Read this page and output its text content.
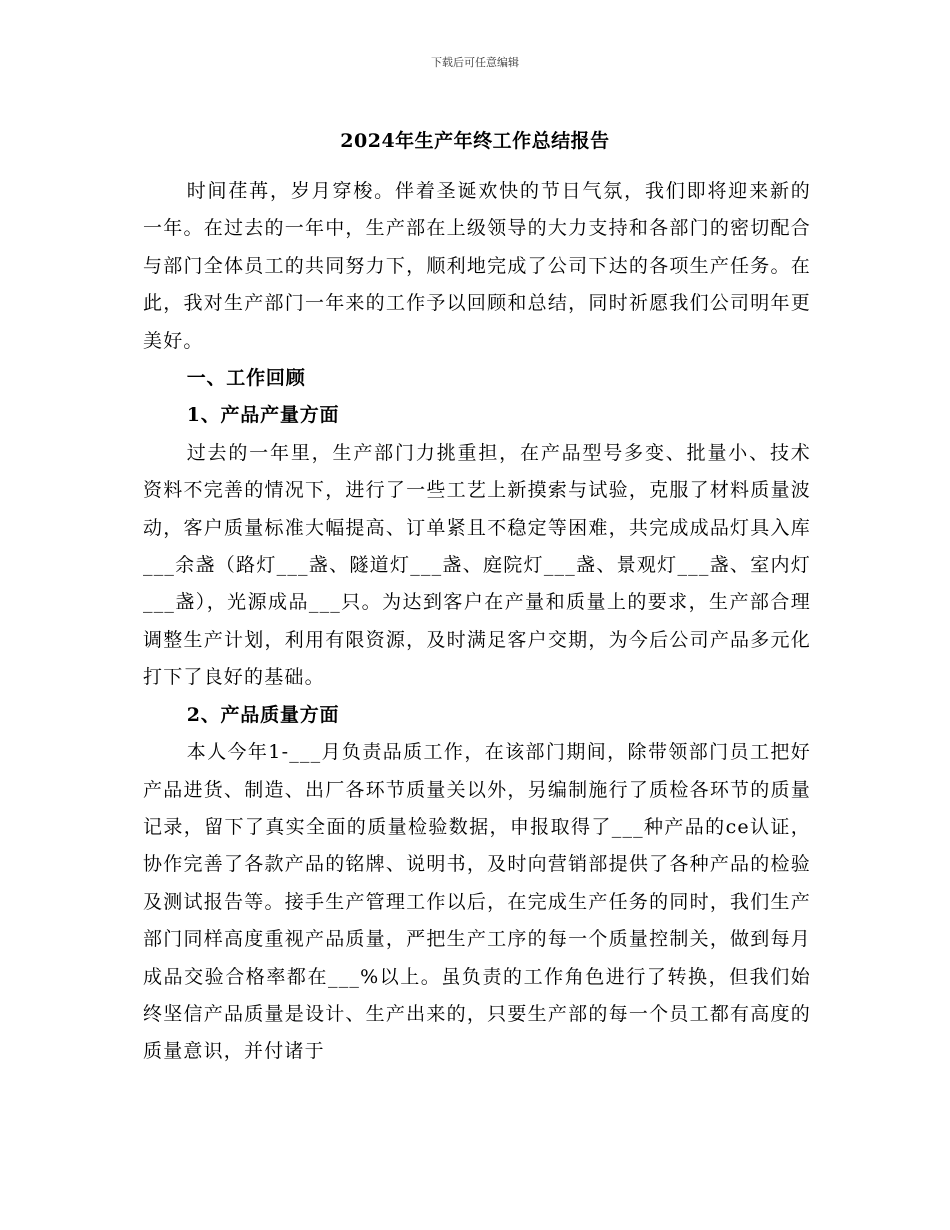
下载后可任意编辑
2024年生产年终工作总结报告

时间荏苒，岁月穿梭。伴着圣诞欢快的节日气氛，我们即将迎来新的一年。在过去的一年中，生产部在上级领导的大力支持和各部门的密切配合与部门全体员工的共同努力下，顺利地完成了公司下达的各项生产任务。在此，我对生产部门一年来的工作予以回顾和总结，同时祈愿我们公司明年更美好。

一、工作回顾

1、产品产量方面

过去的一年里，生产部门力挑重担，在产品型号多变、批量小、技术资料不完善的情况下，进行了一些工艺上新摸索与试验，克服了材料质量波动，客户质量标准大幅提高、订单紧且不稳定等困难，共完成成品灯具入库___余盏（路灯___盏、隧道灯___盏、庭院灯___盏、景观灯___盏、室内灯___盏），光源成品___只。为达到客户在产量和质量上的要求，生产部合理调整生产计划，利用有限资源，及时满足客户交期，为今后公司产品多元化打下了良好的基础。

2、产品质量方面

本人今年1-___月负责品质工作，在该部门期间，除带领部门员工把好产品进货、制造、出厂各环节质量关以外，另编制施行了质检各环节的质量记录，留下了真实全面的质量检验数据，申报取得了___种产品的ce认证，协作完善了各款产品的铭牌、说明书，及时向营销部提供了各种产品的检验及测试报告等。接手生产管理工作以后，在完成生产任务的同时，我们生产部门同样高度重视产品质量，严把生产工序的每一个质量控制关，做到每月成品交验合格率都在___%以上。虽负责的工作角色进行了转换，但我们始终坚信产品质量是设计、生产出来的，只要生产部的每一个员工都有高度的质量意识，并付诸于
